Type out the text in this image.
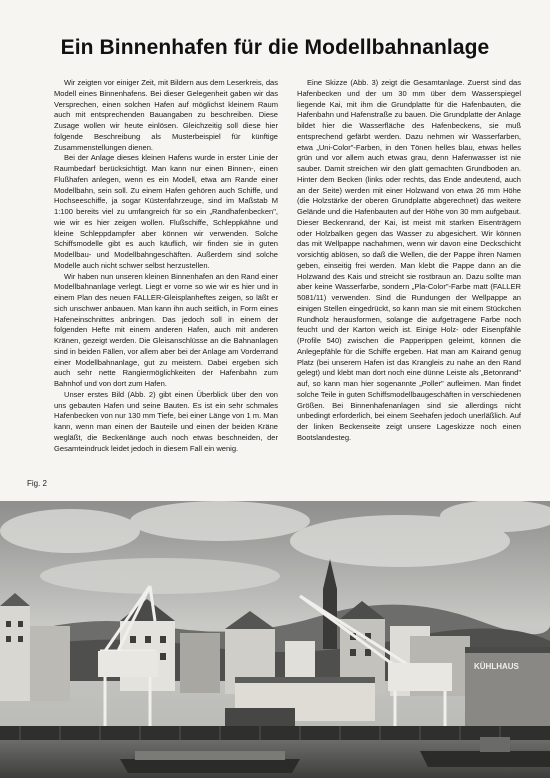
Ein Binnenhafen für die Modellbahnanlage

Wir zeigten vor einiger Zeit, mit Bildern aus dem Leserkreis, das Modell eines Binnenhafens. Bei dieser Gelegenheit gaben wir das Versprechen, einen solchen Hafen auf möglichst kleinem Raum auch mit entsprechenden Bauangaben zu beschreiben. Diese Zusage wollen wir heute einlösen. Gleichzeitig soll diese hier folgende Beschreibung als Musterbeispiel für künftige Zusammenstellungen dienen.

Bei der Anlage dieses kleinen Hafens wurde in erster Linie der Raumbedarf berücksichtigt. Man kann nur einen Binnen-, einen Flußhafen anlegen, wenn es ein Modell, etwa am Rande einer Modellbahn, sein soll. Zu einem Hafen gehören auch Schiffe, und Hochseeschiffe, ja sogar Küstenfahrzeuge, sind im Maßstab M 1:100 bereits viel zu umfangreich für so ein „Randhafenbecken", wie wir es hier zeigen wollen. Flußschiffe, Schleppkähne und kleine Schleppdampfer aber können wir verwenden. Solche Schiffsmodelle gibt es auch käuflich, wir finden sie in guten Modellbau- und Modellbahngeschäften. Außerdem sind solche Modelle auch nicht schwer selbst herzustellen.

Wir haben nun unseren kleinen Binnenhafen an den Rand einer Modellbahnanlage verlegt. Liegt er vorne so wie wir es hier und in einem Plan des neuen FALLER-Gleisplanheftes zeigen, so läßt er sich unschwer anbauen. Man kann ihn auch seitlich, in Form eines Hafeneinschnittes anbringen. Das jedoch soll in einem der folgenden Hefte mit einem anderen Hafen, auch mit anderen Kränen, gezeigt werden. Die Gleisanschlüsse an die Bahnanlagen sind in beiden Fällen, vor allem aber bei der Anlage am Vorderrand einer Modellbahnanlage, gut zu meistern. Dabei ergeben sich auch sehr nette Rangiermöglichkeiten der Hafenbahn zum Bahnhof und von dort zum Hafen.

Unser erstes Bild (Abb. 2) gibt einen Überblick über den von uns gebauten Hafen und seine Bauten. Es ist ein sehr schmales Hafenbecken von nur 130 mm Tiefe, bei einer Länge von 1 m. Man kann, wenn man einen der Bauteile und einen der beiden Kräne wegläßt, die Beckenlänge auch noch etwas beschneiden, der Gesamteindruck leidet jedoch in diesem Fall ein wenig.

Eine Skizze (Abb. 3) zeigt die Gesamtanlage. Zuerst sind das Hafenbecken und der um 30 mm über dem Wasserspiegel liegende Kai, mit ihm die Grundplatte für die Hafenbauten, die Hafenbahn und Hafenstraße zu bauen. Die Grundplatte der Anlage bildet hier die Wasserfläche des Hafenbeckens, sie muß entsprechend gefärbt werden. Dazu nehmen wir Wasserfarben, etwa „Uni-Color"-Farben, in den Tönen helles blau, etwas helles grün und vor allem auch etwas grau, denn Hafenwasser ist nie sauber. Damit streichen wir den glatt gemachten Grundboden an. Hinter dem Becken (links oder rechts, das Ende andeutend, auch an der Seite) werden mit einer Holzwand von etwa 26 mm Höhe (die Holzstärke der oberen Grundplatte abgerechnet) das weitere Gelände und die Hafenbauten auf der Höhe von 30 mm aufgebaut. Dieser Beckenrand, der Kai, ist meist mit starken Eisenträgern oder Holzbalken gegen das Wasser zu abgesichert. Wir können das mit Wellpappe nachahmen, wenn wir davon eine Deckschicht vorsichtig ablösen, so daß die Wellen, die der Pappe ihren Namen geben, einseitig frei werden. Man klebt die Pappe dann an die Holzwand des Kais und streicht sie rostbraun an. Dazu sollte man aber keine Wasserfarbe, sondern „Pla-Color"-Farbe matt (FALLER 5081/11) verwenden. Sind die Rundungen der Wellpappe an einigen Stellen eingedrückt, so kann man sie mit einem Stückchen Rundholz herausformen, solange die aufgetragene Farbe noch feucht und der Karton weich ist. Einige Holz- oder Eisenpfähle (Profile 540) zwischen die Papperippen geleimt, können die Anlegepfähle für die Schiffe ergeben. Hat man am Kairand genug Platz (bei unserem Hafen ist das Krangleis zu nahe an den Rand gelegt) und klebt man dort noch eine dünne Leiste als „Betonrand" auf, so kann man hier sogenannte „Poller" aufleimen. Man findet solche Teile in guten Schiffsmodellbaugeschäften in verschiedenen Größen. Bei Binnenhafenanlagen sind sie allerdings nicht unbedingt erforderlich, bei einem Seehafen jedoch unerläßlich. Auf der linken Beckenseite zeigt unsere Lageskizze noch einen Bootslandesteg.

Fig. 2
KÜHLHAUS
